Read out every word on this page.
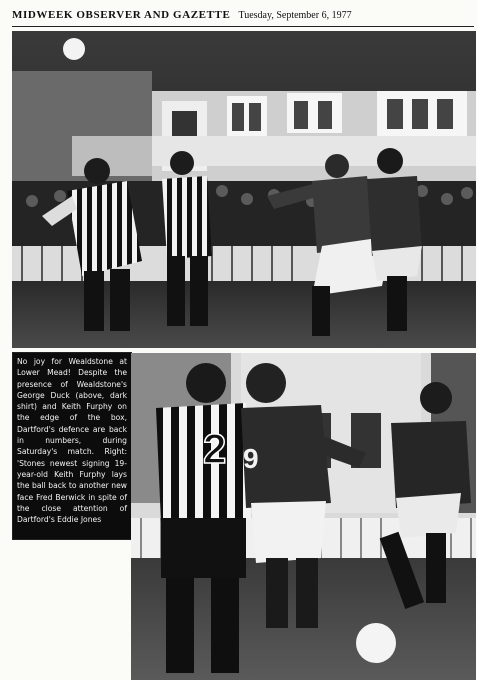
MIDWEEK OBSERVER AND GAZETTE Tuesday, September 6, 1977

No joy for Wealdstone at Lower Mead! Despite the presence of Wealdstone's George Duck (above, dark shirt) and Keith Furphy on the edge of the box, Dartford's defence are back in numbers, during Saturday's match. Right: 'Stones newest signing 19-year-old Keith Furphy lays the ball back to another new face Fred Berwick in spite of the close attention of Dartford's Eddie Jones

2 9
